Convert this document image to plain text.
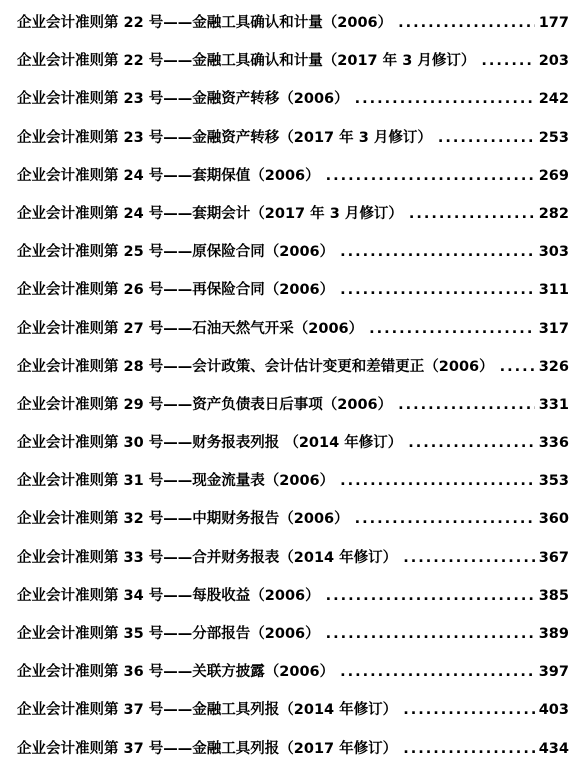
企业会计准则第 22 号——金融工具确认和计量（2006） .....	177
企业会计准则第 22 号——金融工具确认和计量（2017 年 3 月修订） .....	203
企业会计准则第 23 号——金融资产转移（2006） .....	242
企业会计准则第 23 号——金融资产转移（2017 年 3 月修订） .....	253
企业会计准则第 24 号——套期保值（2006） .....	269
企业会计准则第 24 号——套期会计（2017 年 3 月修订） .....	282
企业会计准则第 25 号——原保险合同（2006） .....	303
企业会计准则第 26 号——再保险合同（2006） .....	311
企业会计准则第 27 号——石油天然气开采（2006） .....	317
企业会计准则第 28 号——会计政策、会计估计变更和差错更正（2006） .....	326
企业会计准则第 29 号——资产负债表日后事项（2006） .....	331
企业会计准则第 30 号——财务报表列报 （2014 年修订） .....	336
企业会计准则第 31 号——现金流量表（2006） .....	353
企业会计准则第 32 号——中期财务报告（2006） .....	360
企业会计准则第 33 号——合并财务报表（2014 年修订） .....	367
企业会计准则第 34 号——每股收益（2006） .....	385
企业会计准则第 35 号——分部报告（2006） .....	389
企业会计准则第 36 号——关联方披露（2006） .....	397
企业会计准则第 37 号——金融工具列报（2014 年修订） .....	403
企业会计准则第 37 号——金融工具列报（2017 年修订） .....	434
